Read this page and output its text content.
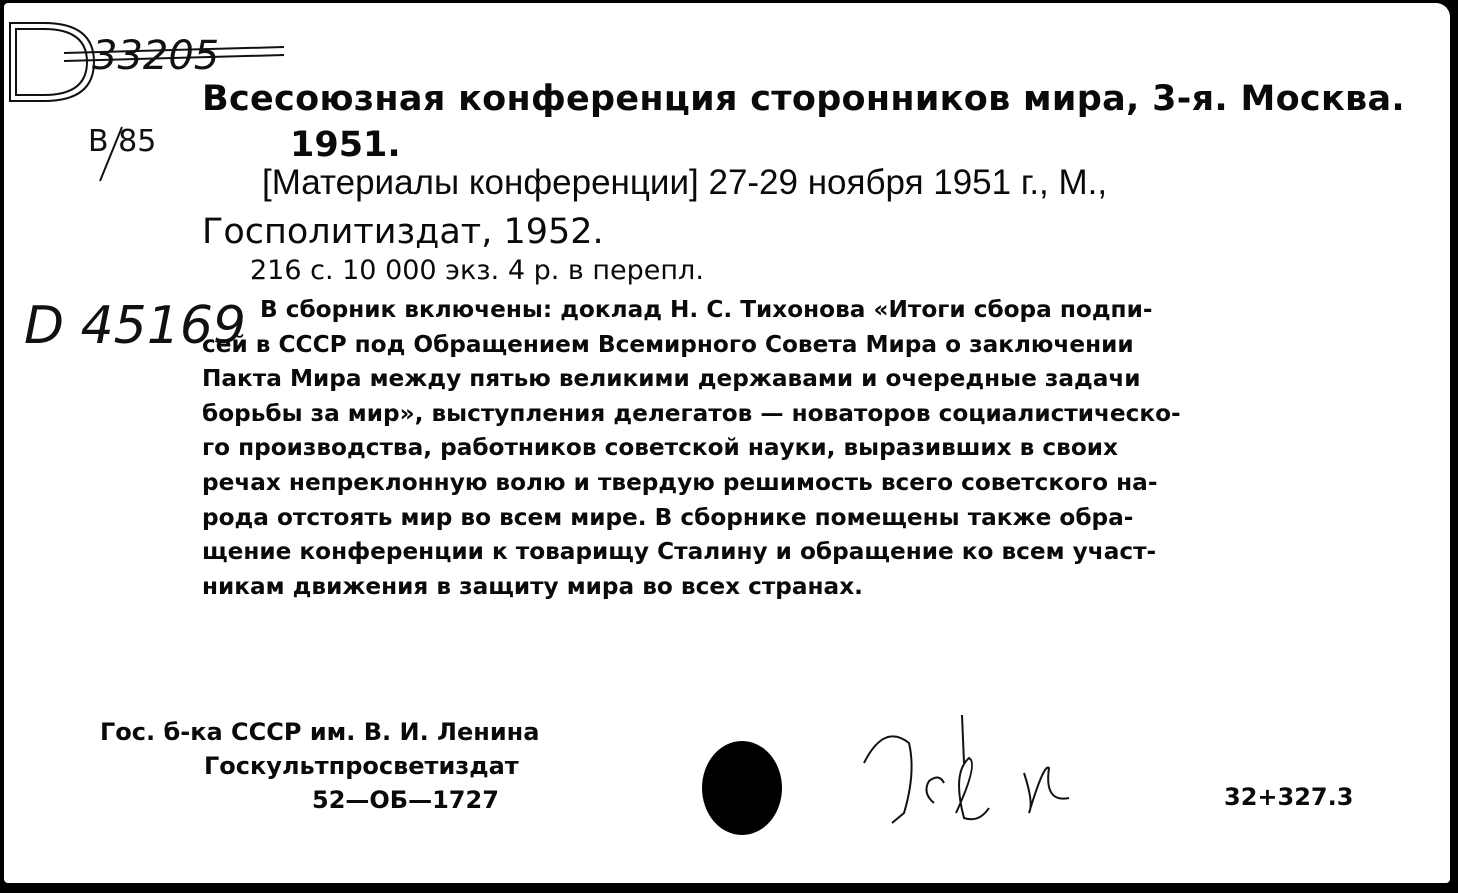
33205
В 85
D 45169
Всесоюзная конференция сторонников мира, 3-я. Москва.
1951.
[Материалы конференции] 27-29 ноября 1951 г., М.,
Госполитиздат, 1952.
216 с. 10 000 экз. 4 р. в перепл.
В сборник включены: доклад Н. С. Тихонова «Итоги сбора подпи-
сей в СССР под Обращением Всемирного Совета Мира о заключении
Пакта Мира между пятью великими державами и очередные задачи
борьбы за мир», выступления делегатов — новаторов социалистическо-
го производства, работников советской науки, выразивших в своих
речах непреклонную волю и твердую решимость всего советского на-
рода отстоять мир во всем мире. В сборнике помещены также обра-
щение конференции к товарищу Сталину и обращение ко всем участ-
никам движения в защиту мира во всех странах.
Гос. б-ка СССР им. В. И. Ленина
Госкультпросветиздат
52—ОБ—1727	32+327.3
